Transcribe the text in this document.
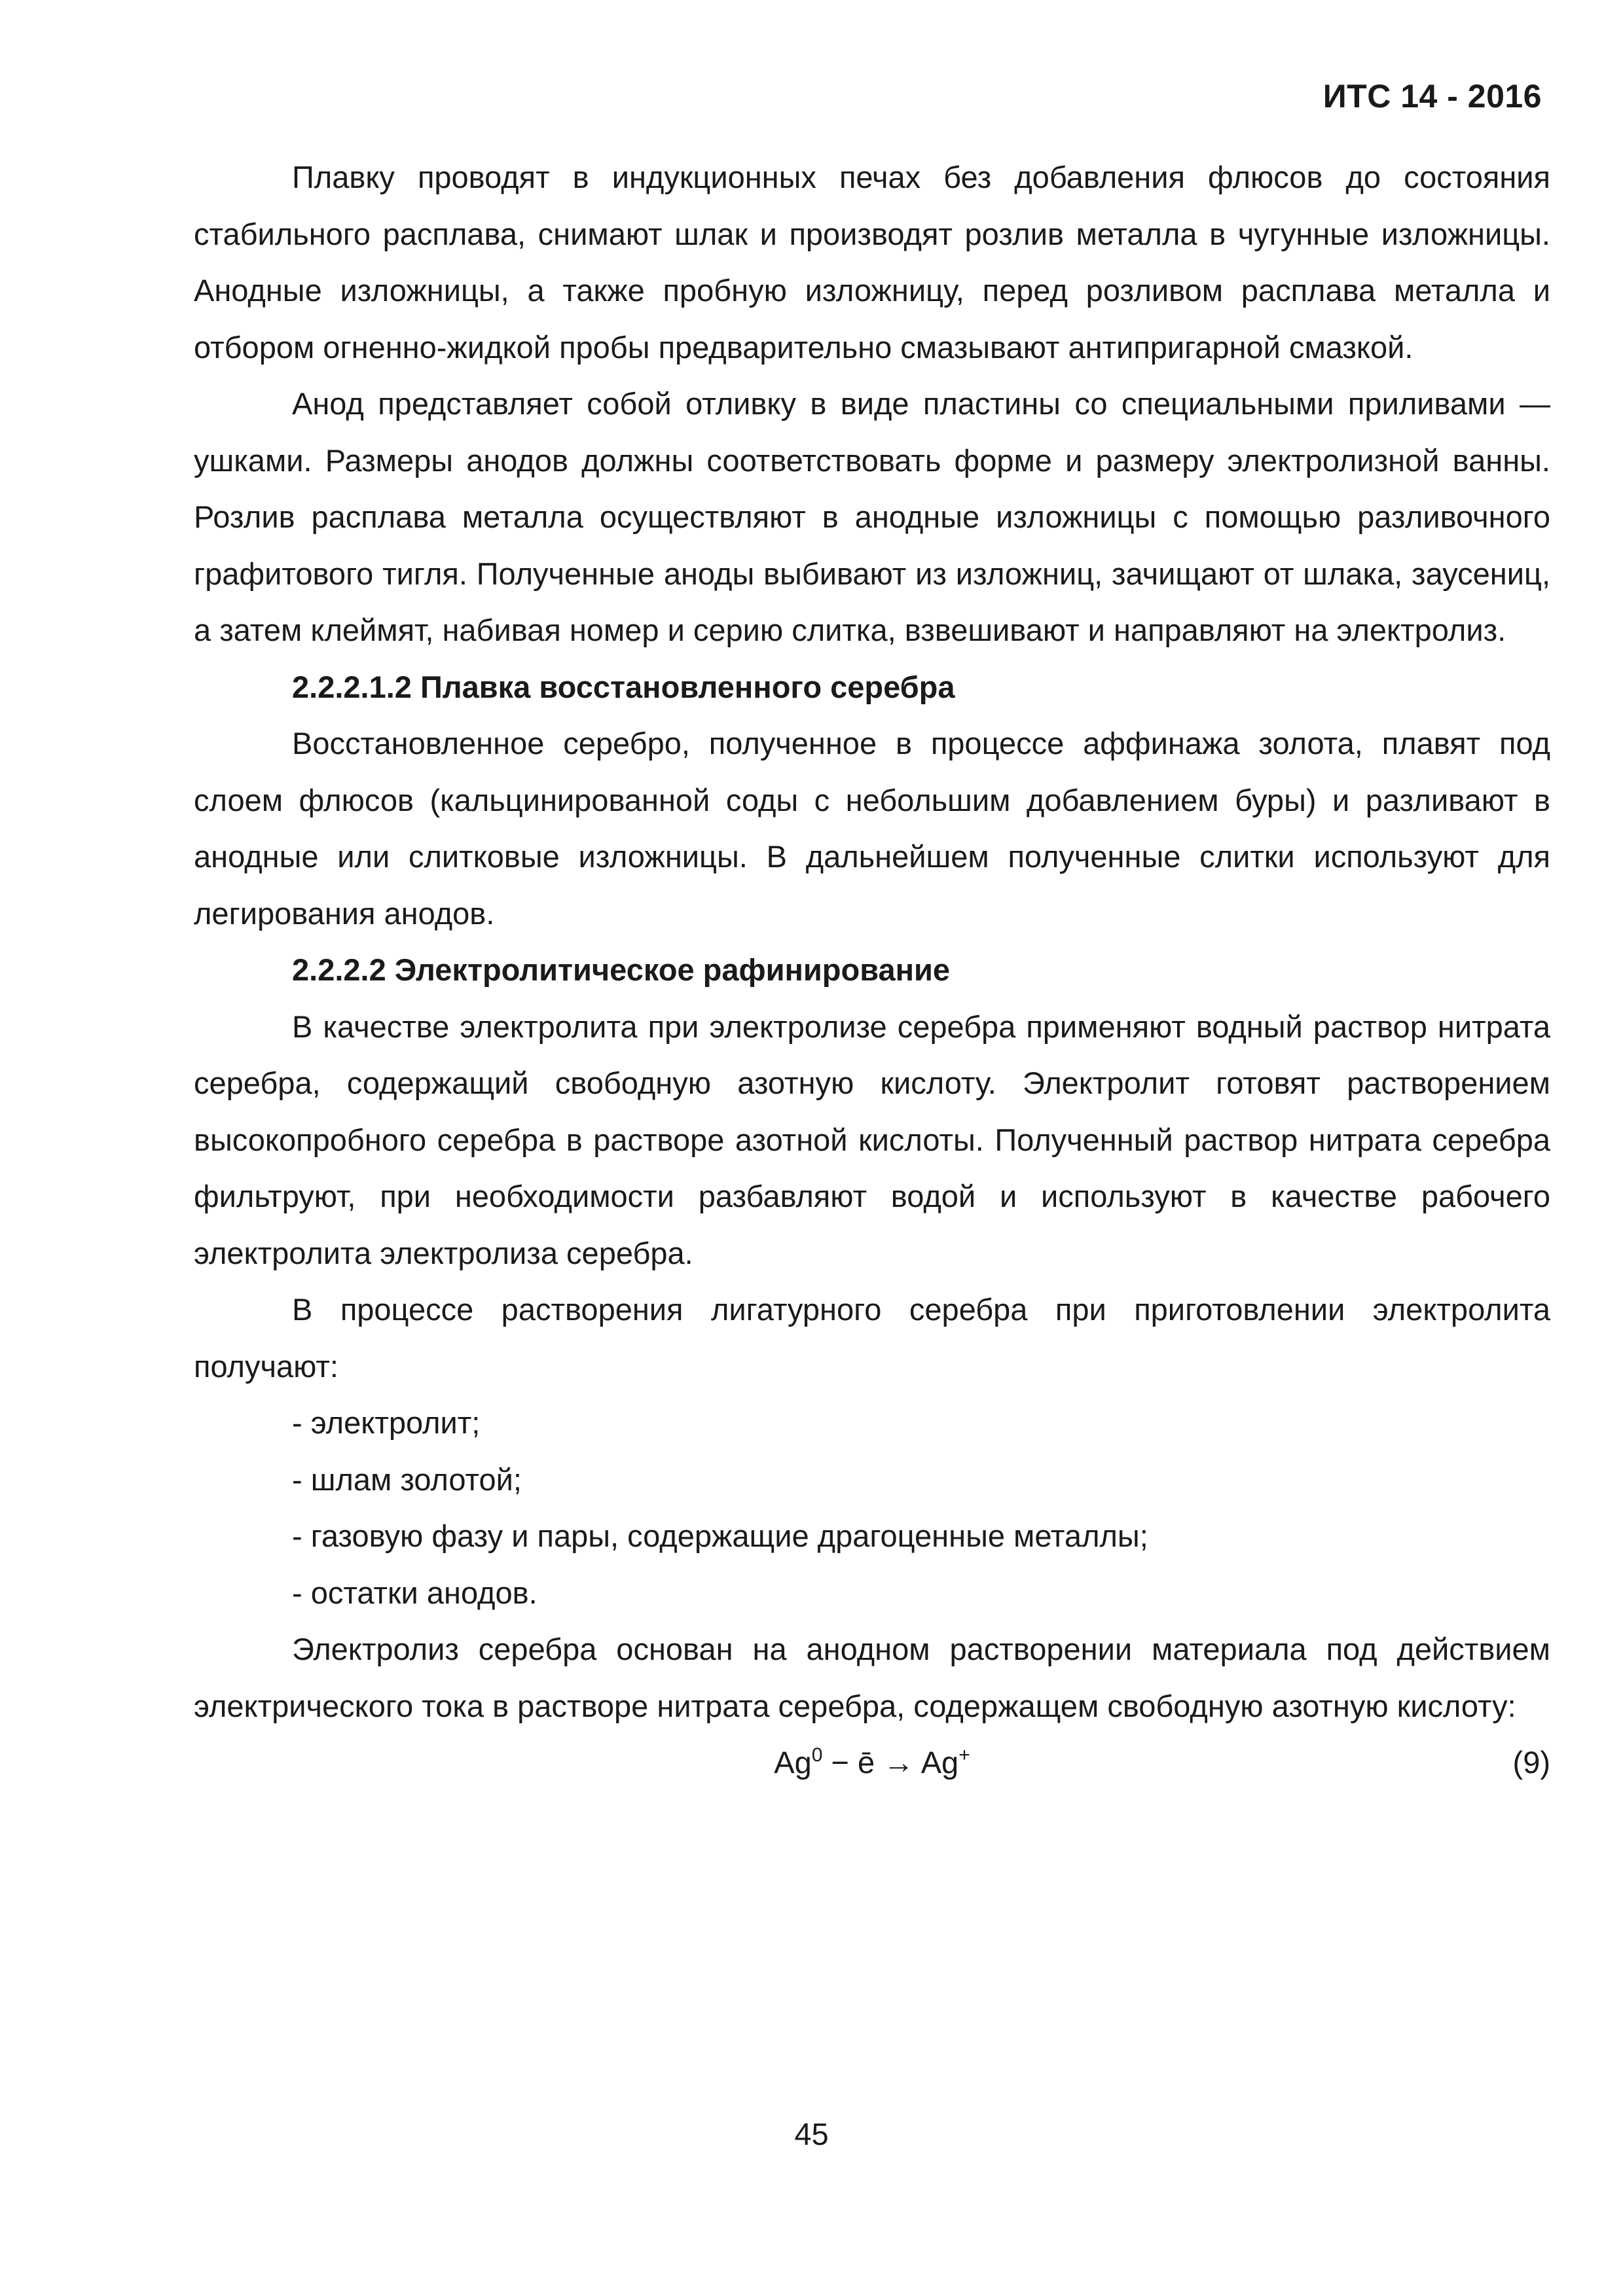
ИТС 14 - 2016

Плавку проводят в индукционных печах без добавления флюсов до состояния стабильного расплава, снимают шлак и производят розлив металла в чугунные изложницы. Анодные изложницы, а также пробную изложницу, перед розливом расплава металла и отбором огненно-жидкой пробы предварительно смазывают антипригарной смазкой.

Анод представляет собой отливку в виде пластины со специальными приливами — ушками. Размеры анодов должны соответствовать форме и размеру электролизной ванны. Розлив расплава металла осуществляют в анодные изложницы с помощью разливочного графитового тигля. Полученные аноды выбивают из изложниц, зачищают от шлака, заусениц, а затем клеймят, набивая номер и серию слитка, взвешивают и направляют на электролиз.

2.2.2.1.2 Плавка восстановленного серебра

Восстановленное серебро, полученное в процессе аффинажа золота, плавят под слоем флюсов (кальцинированной соды с небольшим добавлением буры) и разливают в анодные или слитковые изложницы. В дальнейшем полученные слитки используют для легирования анодов.

2.2.2.2 Электролитическое рафинирование

В качестве электролита при электролизе серебра применяют водный раствор нитрата серебра, содержащий свободную азотную кислоту. Электролит готовят растворением высокопробного серебра в растворе азотной кислоты. Полученный раствор нитрата серебра фильтруют, при необходимости разбавляют водой и используют в качестве рабочего электролита электролиза серебра.

В процессе растворения лигатурного серебра при приготовлении электролита получают:

- электролит;
- шлам золотой;
- газовую фазу и пары, содержащие драгоценные металлы;
- остатки анодов.

Электролиз серебра основан на анодном растворении материала под действием электрического тока в растворе нитрата серебра, содержащем свободную азотную кислоту:

$Ag^0$ − ē → Ag+	(9)
45
